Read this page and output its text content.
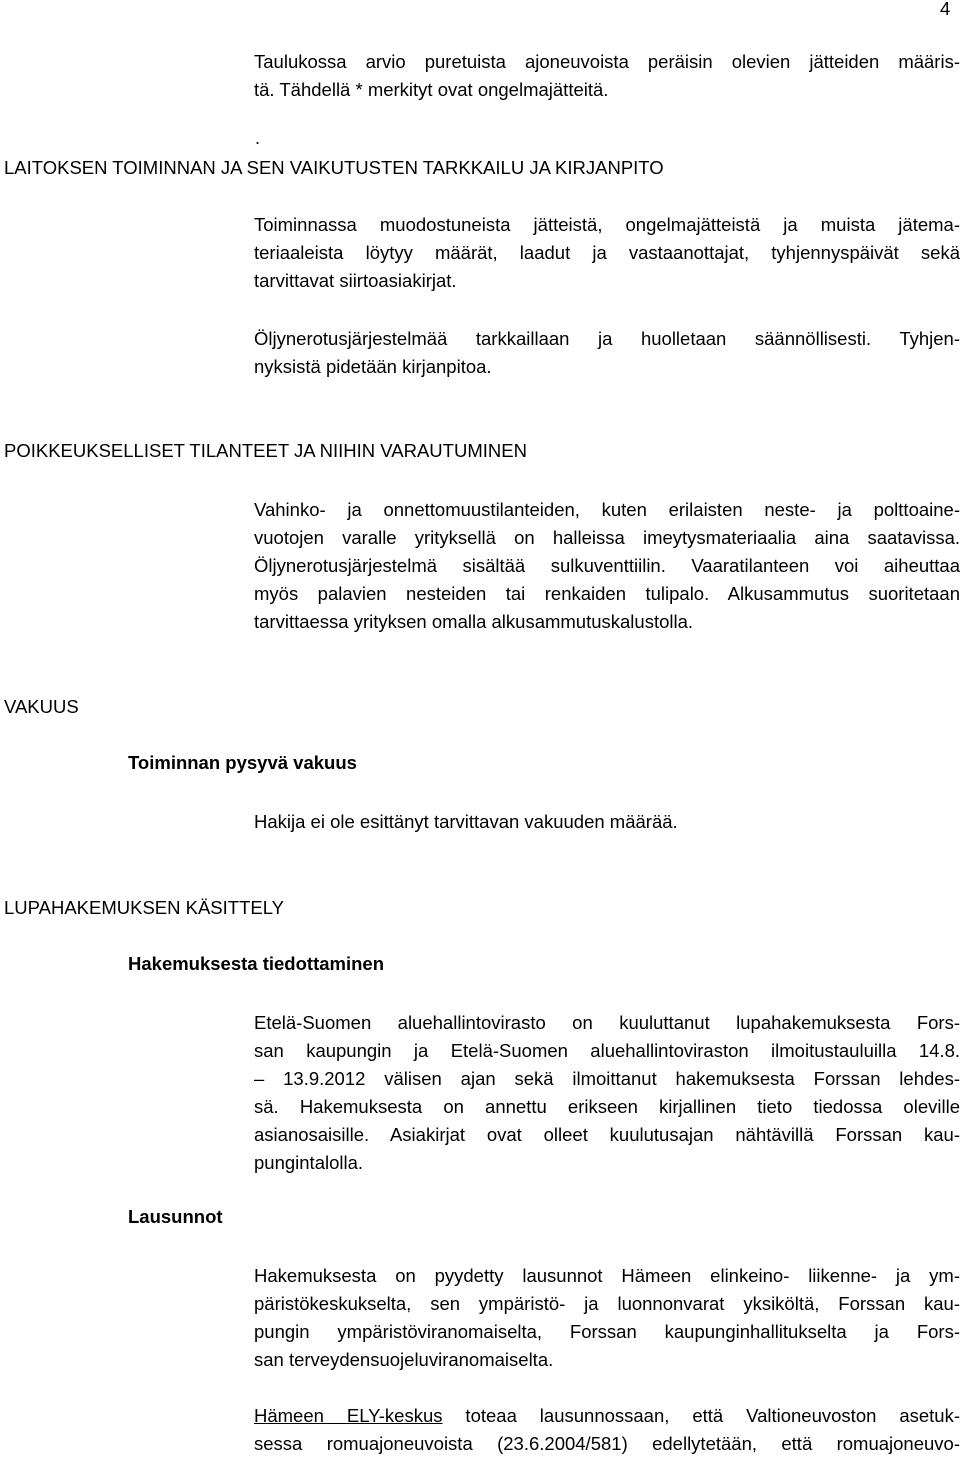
4
Taulukossa arvio puretuista ajoneuvoista peräisin olevien jätteiden määris-
tä. Tähdellä * merkityt ovat ongelmajätteitä.
.
LAITOKSEN TOIMINNAN JA SEN VAIKUTUSTEN TARKKAILU JA KIRJANPITO
Toiminnassa muodostuneista jätteistä, ongelmajätteistä ja muista jätema-
teriaaleista löytyy määrät, laadut ja vastaanottajat, tyhjennyspäivät sekä
tarvittavat siirtoasiakirjat.
Öljynerotusjärjestelmää tarkkaillaan ja huolletaan säännöllisesti. Tyhjen-
nyksistä pidetään kirjanpitoa.
POIKKEUKSELLISET TILANTEET JA NIIHIN VARAUTUMINEN
Vahinko- ja onnettomuustilanteiden, kuten erilaisten neste- ja polttoaine-
vuotojen varalle yrityksellä on halleissa imeytysmateriaalia aina saatavissa.
Öljynerotusjärjestelmä sisältää sulkuventtiilin. Vaaratilanteen voi aiheuttaa
myös palavien nesteiden tai renkaiden tulipalo. Alkusammutus suoritetaan
tarvittaessa yrityksen omalla alkusammutuskalustolla.
VAKUUS
Toiminnan pysyvä vakuus
Hakija ei ole esittänyt tarvittavan vakuuden määrää.
LUPAHAKEMUKSEN KÄSITTELY
Hakemuksesta tiedottaminen
Etelä-Suomen aluehallintovirasto on kuuluttanut lupahakemuksesta Fors-
san kaupungin ja Etelä-Suomen aluehallintoviraston ilmoitustauluilla 14.8.
– 13.9.2012 välisen ajan sekä ilmoittanut hakemuksesta Forssan lehdes-
sä. Hakemuksesta on annettu erikseen kirjallinen tieto tiedossa oleville
asianosaisille. Asiakirjat ovat olleet kuulutusajan nähtävillä Forssan kau-
pungintalolla.
Lausunnot
Hakemuksesta on pyydetty lausunnot Hämeen elinkeino- liikenne- ja ym-
päristökeskukselta, sen ympäristö- ja luonnonvarat yksiköltä, Forssan kau-
pungin ympäristöviranomaiselta, Forssan kaupunginhallitukselta ja Fors-
san terveydensuojeluviranomaiselta.
Hämeen ELY-keskus toteaa lausunnossaan, että Valtioneuvoston asetuk-
sessa romuajoneuvoista (23.6.2004/581) edellytetään, että romuajoneuvo-
